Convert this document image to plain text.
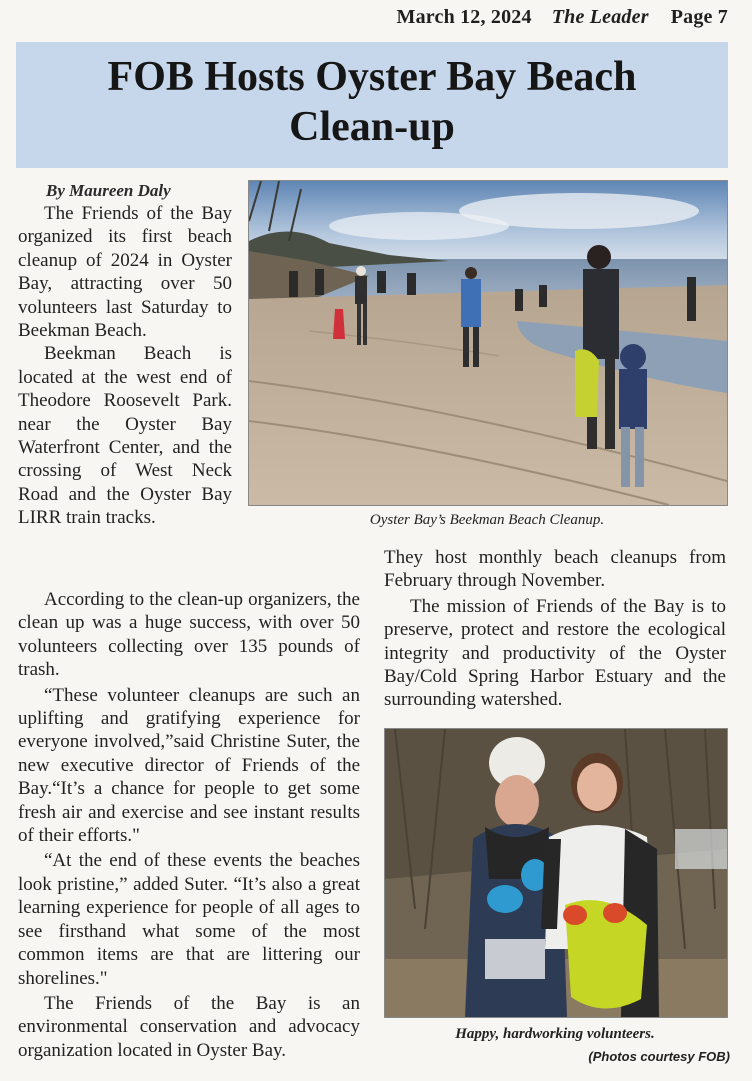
March 12, 2024 The Leader Page 7
FOB Hosts Oyster Bay Beach
Clean-up
By Maureen Daly

The Friends of the Bay organized its first beach cleanup of 2024 in Oyster Bay, attracting over 50 volunteers last Saturday to Beekman Beach.

Beekman Beach is located at the west end of Theodore Roosevelt Park. near the Oyster Bay Waterfront Center, and the crossing of West Neck Road and the Oyster Bay LIRR train tracks.

According to the clean-up organizers, the clean up was a huge success, with over 50 volunteers collecting over 135 pounds of trash.

“These volunteer cleanups are such an uplifting and gratifying experience for everyone involved,”said Christine Suter, the new executive director of Friends of the Bay.“It’s a chance for people to get some fresh air and exercise and see instant results of their efforts."

“At the end of these events the beaches look pristine,” added Suter. “It’s also a great learning experience for people of all ages to see firsthand what some of the most common items are that are littering our shorelines."

The Friends of the Bay is an environmental conservation and advocacy organization located in Oyster Bay.

They host monthly beach cleanups from February through November.

The mission of Friends of the Bay is to preserve, protect and restore the ecological integrity and productivity of the Oyster Bay/Cold Spring Harbor Estuary and the surrounding watershed.

Oyster Bay’s Beekman Beach Cleanup.
Happy, hardworking volunteers.
(Photos courtesy FOB)
